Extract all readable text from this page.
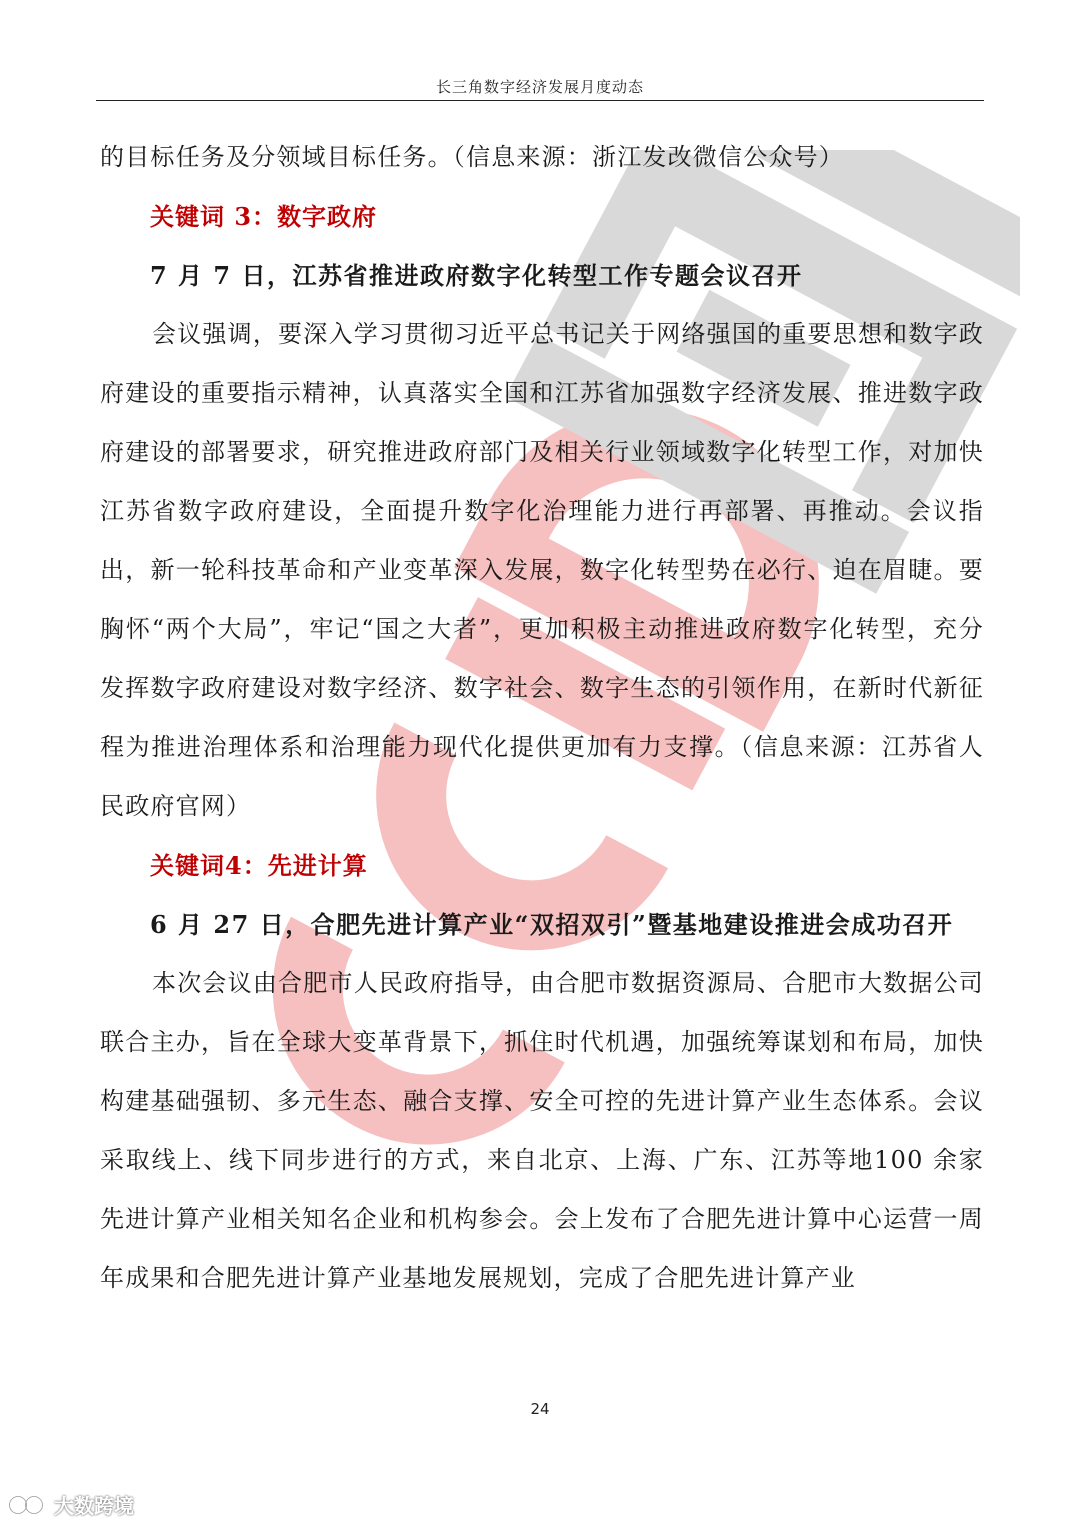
长三角数字经济发展月度动态

的目标任务及分领域目标任务。（信息来源：浙江发改微信公众号）

关键词 3：数字政府

7 月 7 日，江苏省推进政府数字化转型工作专题会议召开

会议强调，要深入学习贯彻习近平总书记关于网络强国的重要思想和数字政府建设的重要指示精神，认真落实全国和江苏省加强数字经济发展、推进数字政府建设的部署要求，研究推进政府部门及相关行业领域数字化转型工作，对加快江苏省数字政府建设，全面提升数字化治理能力进行再部署、再推动。会议指出，新一轮科技革命和产业变革深入发展，数字化转型势在必行、迫在眉睫。要胸怀“两个大局”，牢记“国之大者”，更加积极主动推进政府数字化转型，充分发挥数字政府建设对数字经济、数字社会、数字生态的引领作用，在新时代新征程为推进治理体系和治理能力现代化提供更加有力支撑。（信息来源：江苏省人民政府官网）

关键词4：先进计算

6 月 27 日，合肥先进计算产业“双招双引”暨基地建设推进会成功召开

本次会议由合肥市人民政府指导，由合肥市数据资源局、合肥市大数据公司联合主办，旨在全球大变革背景下，抓住时代机遇，加强统筹谋划和布局，加快构建基础强韧、多元生态、融合支撑、安全可控的先进计算产业生态体系。会议采取线上、线下同步进行的方式，来自北京、上海、广东、江苏等地100 余家先进计算产业相关知名企业和机构参会。会上发布了合肥先进计算中心运营一周年成果和合肥先进计算产业基地发展规划，完成了合肥先进计算产业

24
大数跨境
